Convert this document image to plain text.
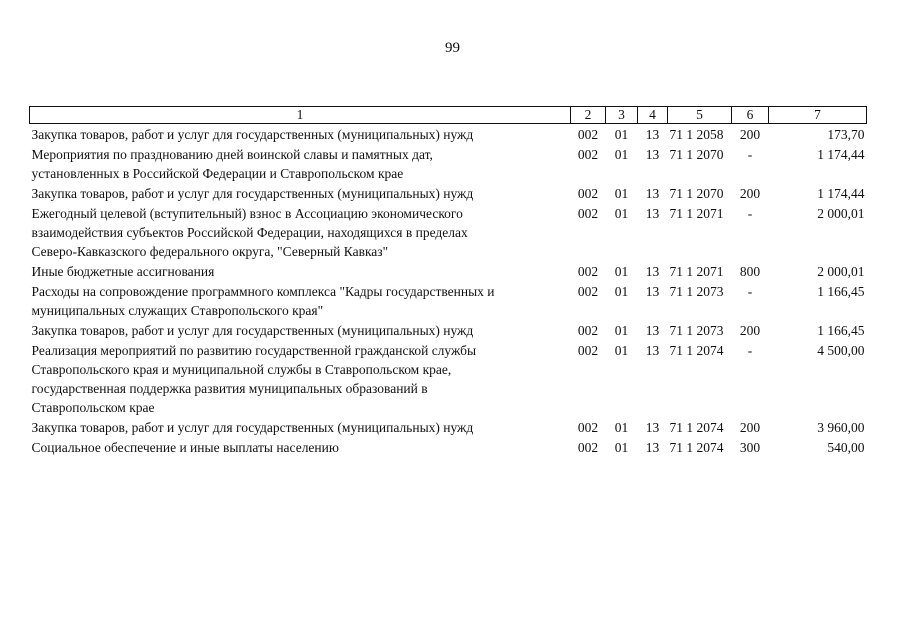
99
1	2	3	4	5	6	7

Закупка товаров, работ и услуг для государственных (муниципальных) нужд	002	01	13	71 1 2058	200	173,70

Мероприятия по празднованию дней воинской славы и памятных дат,
установленных в Российской Федерации и Ставропольском крае	002	01	13	71 1 2070	-	1 174,44

Закупка товаров, работ и услуг для государственных (муниципальных) нужд	002	01	13	71 1 2070	200	1 174,44

Ежегодный целевой (вступительный) взнос в Ассоциацию экономического
взаимодействия субъектов Российской Федерации, находящихся в пределах
Северо-Кавказского федерального округа, "Северный Кавказ"	002	01	13	71 1 2071	-	2 000,01

Иные бюджетные ассигнования	002	01	13	71 1 2071	800	2 000,01

Расходы на сопровождение программного комплекса "Кадры государственных и
муниципальных служащих Ставропольского края"	002	01	13	71 1 2073	-	1 166,45

Закупка товаров, работ и услуг для государственных (муниципальных) нужд	002	01	13	71 1 2073	200	1 166,45

Реализация мероприятий по развитию государственной гражданской службы
Ставропольского края и муниципальной службы в Ставропольском крае,
государственная поддержка развития муниципальных образований в
Ставропольском крае	002	01	13	71 1 2074	-	4 500,00

Закупка товаров, работ и услуг для государственных (муниципальных) нужд	002	01	13	71 1 2074	200	3 960,00

Социальное обеспечение и иные выплаты населению	002	01	13	71 1 2074	300	540,00
